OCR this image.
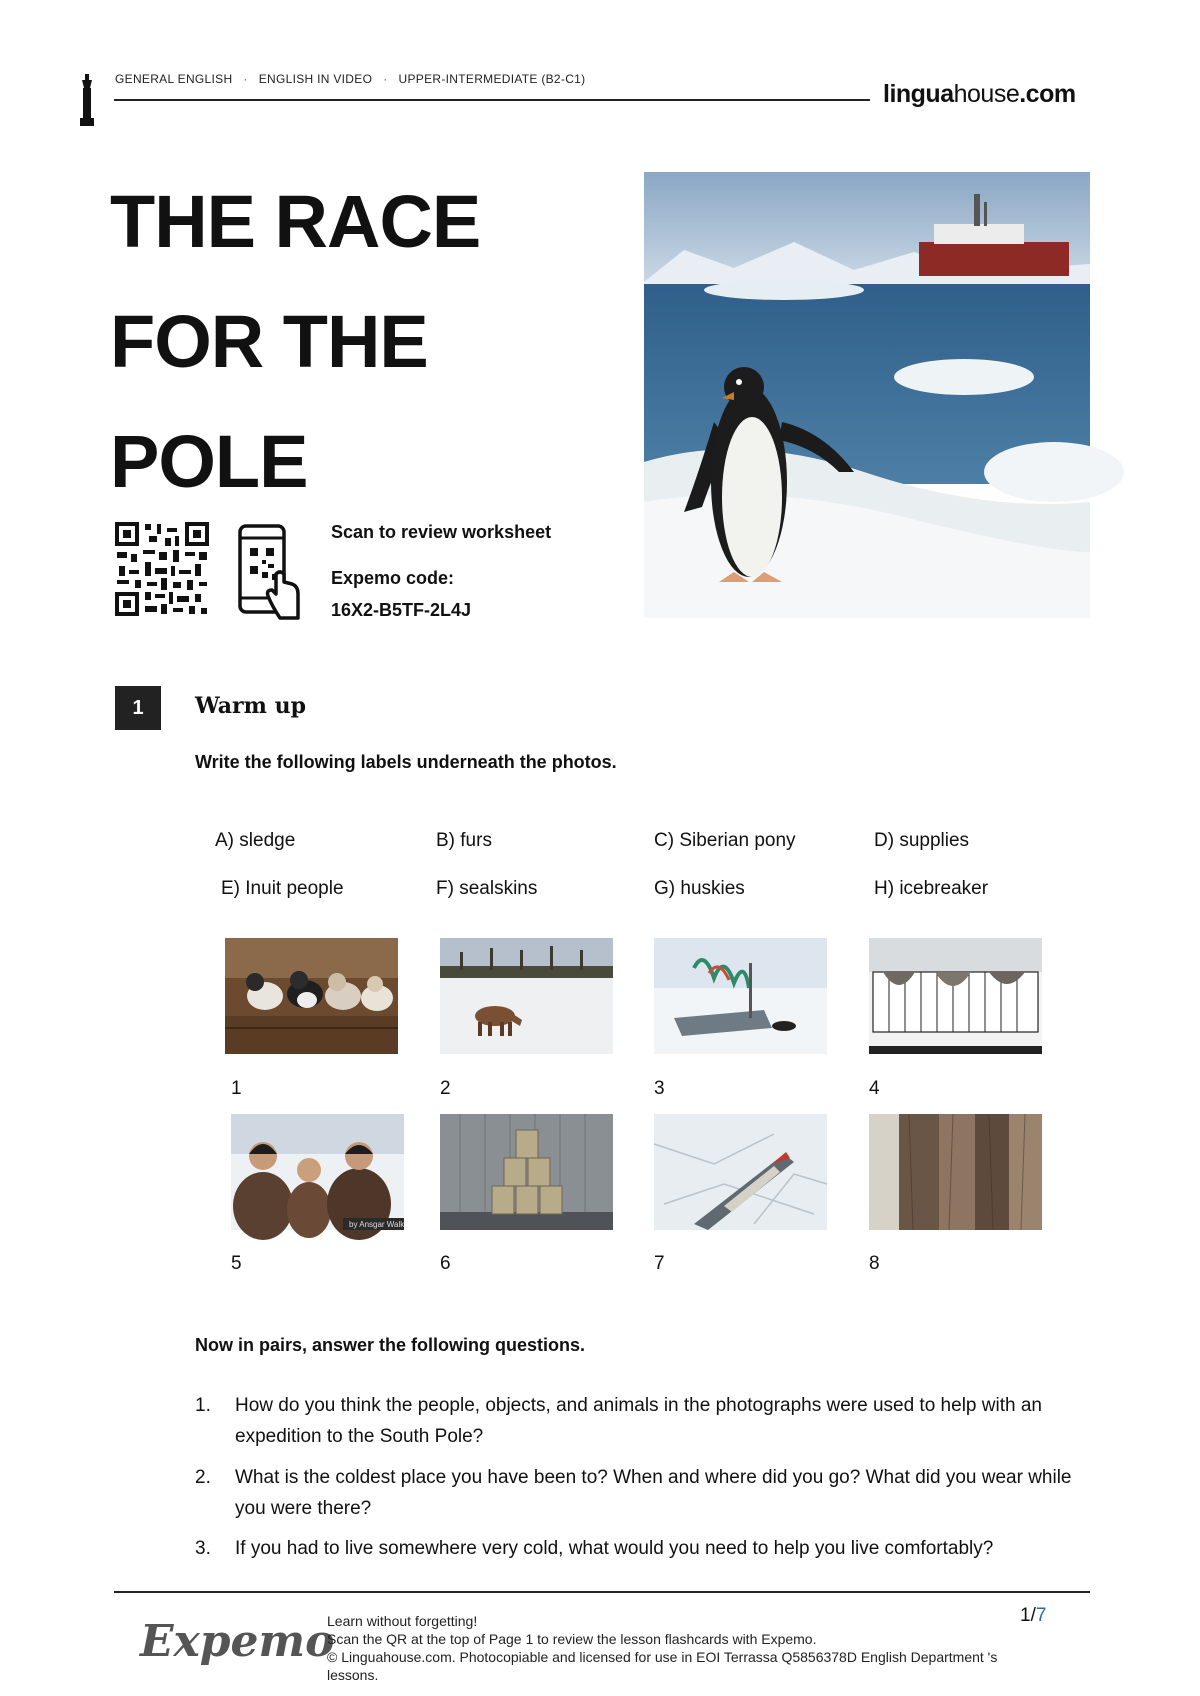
GENERAL ENGLISH · ENGLISH IN VIDEO · UPPER-INTERMEDIATE (B2-C1)
linguahouse.com
THE RACE
FOR THE
POLE
Scan to review worksheet
Expemo code:
16X2-B5TF-2L4J
1	Warm up
Write the following labels underneath the photos.
A) sledge	B) furs	C) Siberian pony	D) supplies
E) Inuit people	F) sealskins	G) huskies	H) icebreaker
1	2	3	4
by Ansgar Walk
5	6	7	8
Now in pairs, answer the following questions.
1. How do you think the people, objects, and animals in the photographs were used to help with an expedition to the South Pole?
2. What is the coldest place you have been to? When and where did you go? What did you wear while you were there?
3. If you had to live somewhere very cold, what would you need to help you live comfortably?
Expemo
Learn without forgetting!
Scan the QR at the top of Page 1 to review the lesson flashcards with Expemo.
© Linguahouse.com. Photocopiable and licensed for use in EOI Terrassa Q5856378D English Department 's lessons.
1/7
